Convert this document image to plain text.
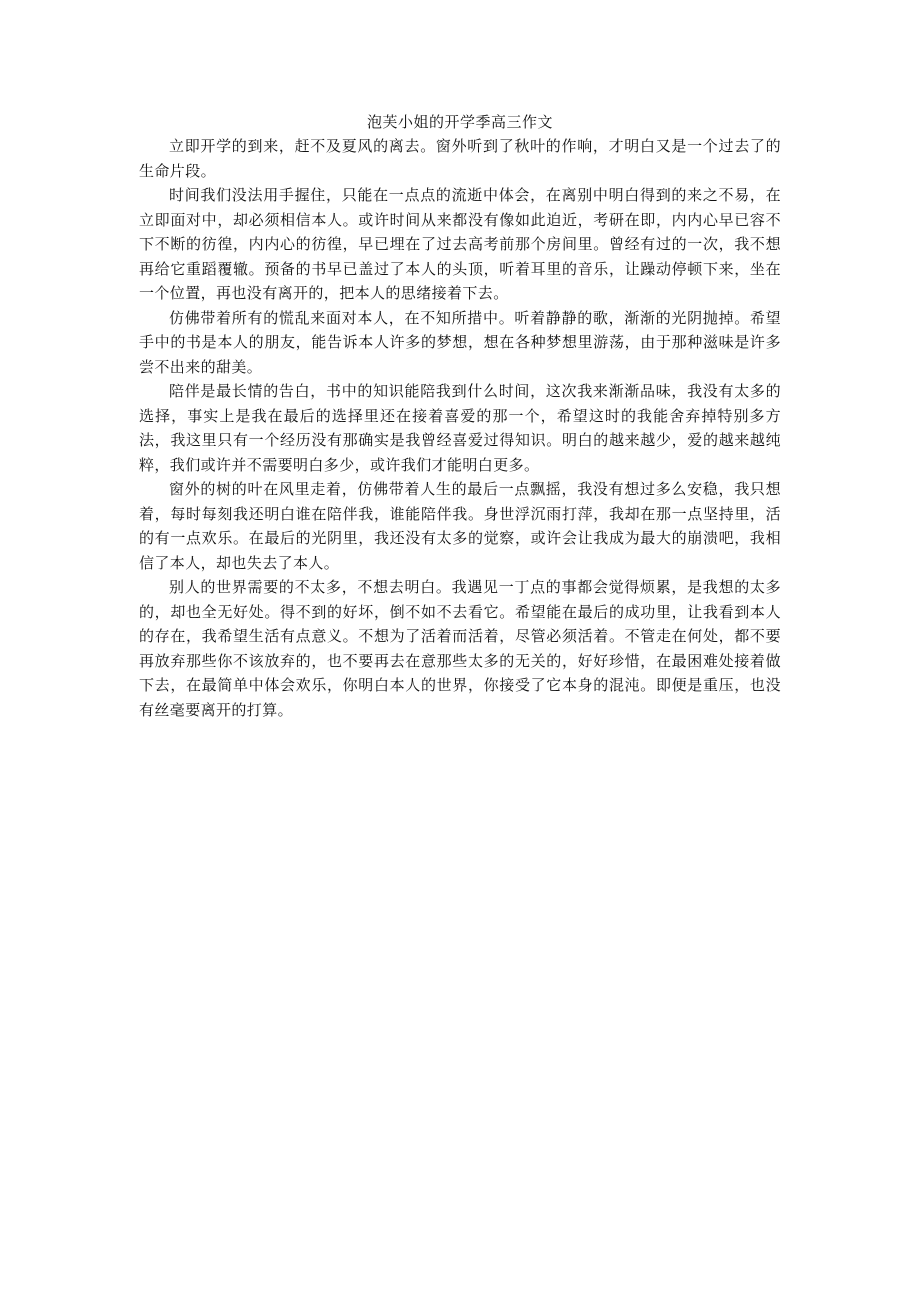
泡芙小姐的开学季高三作文

立即开学的到来，赶不及夏风的离去。窗外听到了秋叶的作响，才明白又是一个过去了的生命片段。

时间我们没法用手握住，只能在一点点的流逝中体会，在离别中明白得到的来之不易，在立即面对中，却必须相信本人。或许时间从来都没有像如此迫近，考研在即，内内心早已容不下不断的彷徨，内内心的彷徨，早已埋在了过去高考前那个房间里。曾经有过的一次，我不想再给它重蹈覆辙。预备的书早已盖过了本人的头顶，听着耳里的音乐，让躁动停顿下来，坐在一个位置，再也没有离开的，把本人的思绪接着下去。

仿佛带着所有的慌乱来面对本人，在不知所措中。听着静静的歌，渐渐的光阴抛掉。希望手中的书是本人的朋友，能告诉本人许多的梦想，想在各种梦想里游荡，由于那种滋味是许多尝不出来的甜美。

陪伴是最长情的告白，书中的知识能陪我到什么时间，这次我来渐渐品味，我没有太多的选择，事实上是我在最后的选择里还在接着喜爱的那一个，希望这时的我能舍弃掉特别多方法，我这里只有一个经历没有那确实是我曾经喜爱过得知识。明白的越来越少，爱的越来越纯粹，我们或许并不需要明白多少，或许我们才能明白更多。

窗外的树的叶在风里走着，仿佛带着人生的最后一点飘摇，我没有想过多么安稳，我只想着，每时每刻我还明白谁在陪伴我，谁能陪伴我。身世浮沉雨打萍，我却在那一点坚持里，活的有一点欢乐。在最后的光阴里，我还没有太多的觉察，或许会让我成为最大的崩溃吧，我相信了本人，却也失去了本人。

别人的世界需要的不太多，不想去明白。我遇见一丁点的事都会觉得烦累，是我想的太多的，却也全无好处。得不到的好坏，倒不如不去看它。希望能在最后的成功里，让我看到本人的存在，我希望生活有点意义。不想为了活着而活着，尽管必须活着。不管走在何处，都不要再放弃那些你不该放弃的，也不要再去在意那些太多的无关的，好好珍惜，在最困难处接着做下去，在最简单中体会欢乐，你明白本人的世界，你接受了它本身的混沌。即便是重压，也没有丝毫要离开的打算。
